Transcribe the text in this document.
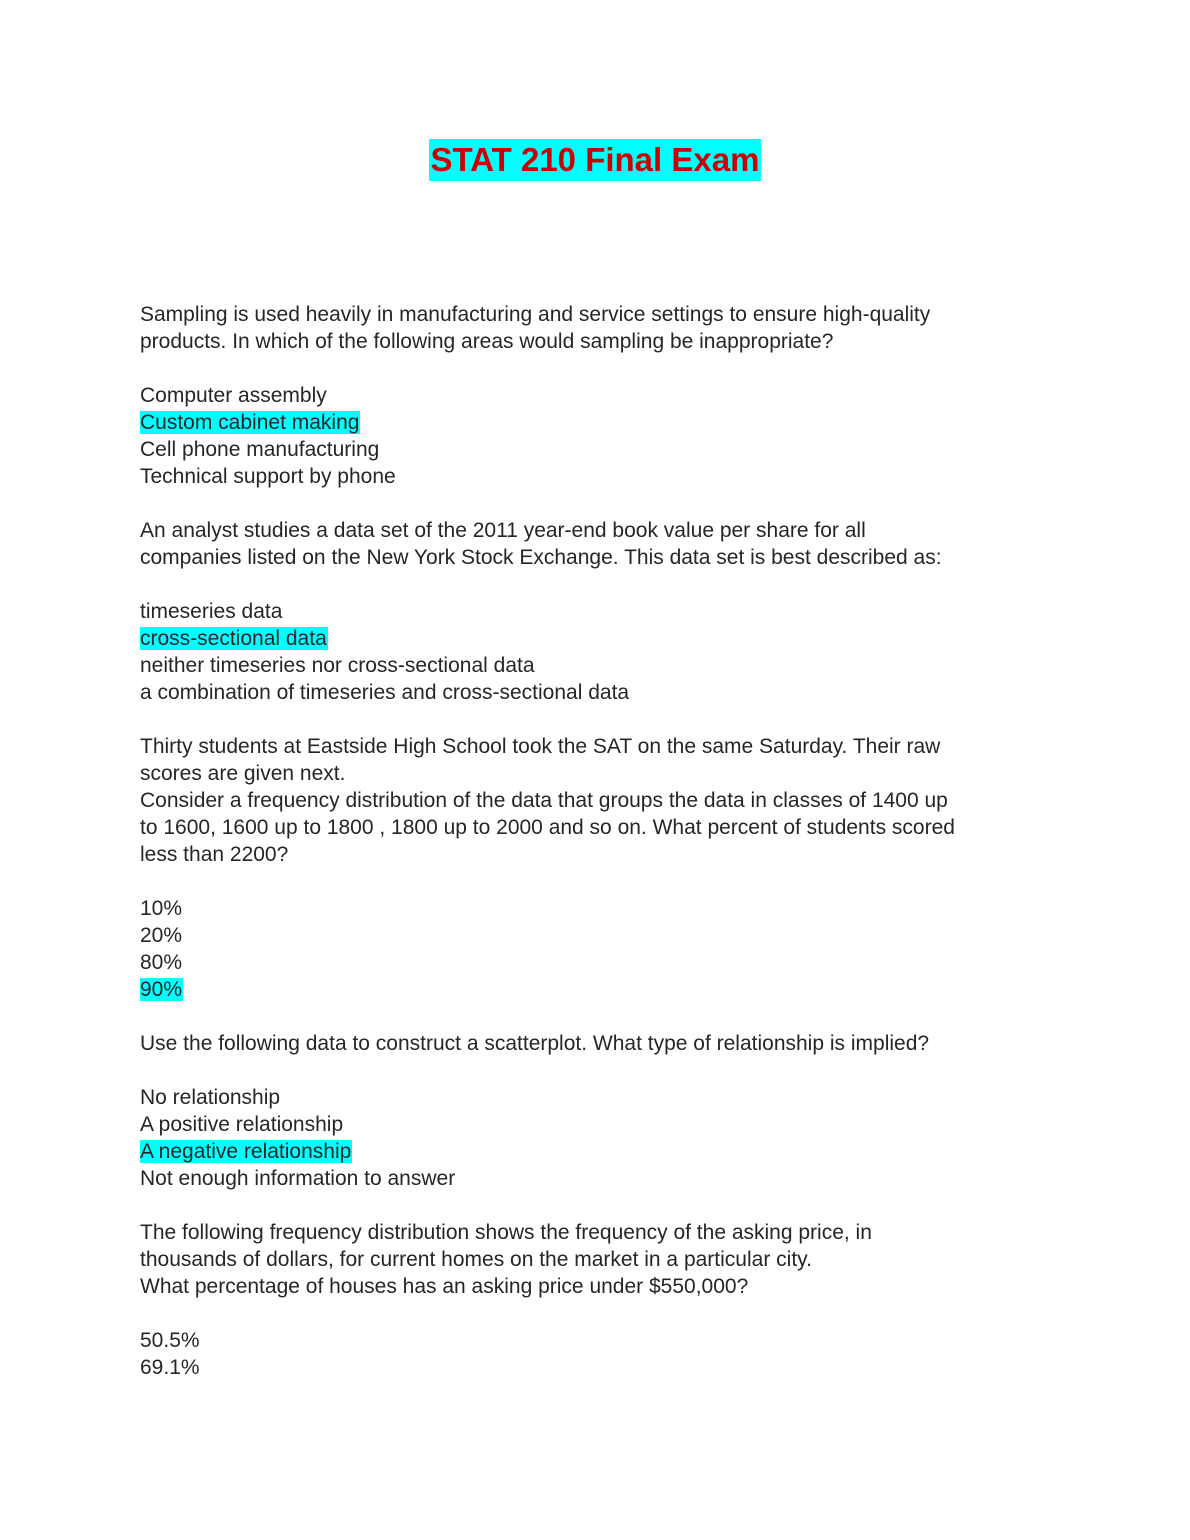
STAT 210 Final Exam
Sampling is used heavily in manufacturing and service settings to ensure high-quality
products. In which of the following areas would sampling be inappropriate?
Computer assembly
Custom cabinet making
Cell phone manufacturing
Technical support by phone
An analyst studies a data set of the 2011 year-end book value per share for all
companies listed on the New York Stock Exchange. This data set is best described as:
timeseries data
cross-sectional data
neither timeseries nor cross-sectional data
a combination of timeseries and cross-sectional data
Thirty students at Eastside High School took the SAT on the same Saturday. Their raw
scores are given next.
Consider a frequency distribution of the data that groups the data in classes of 1400 up
to 1600, 1600 up to 1800 , 1800 up to 2000 and so on. What percent of students scored
less than 2200?
10%
20%
80%
90%
Use the following data to construct a scatterplot. What type of relationship is implied?
No relationship
A positive relationship
A negative relationship
Not enough information to answer
The following frequency distribution shows the frequency of the asking price, in
thousands of dollars, for current homes on the market in a particular city.
What percentage of houses has an asking price under $550,000?
50.5%
69.1%
